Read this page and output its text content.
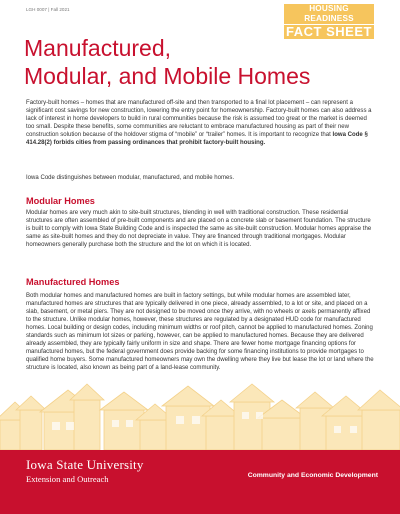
LGH 0007 | Fall 2021	HOUSING READINESS
FACT SHEET
Manufactured,
Modular, and Mobile Homes

Factory-built homes – homes that are manufactured off-site and then transported to a final lot placement – can represent a significant cost savings for new construction, lowering the entry point for homeownership. Factory-built homes can also address a lack of interest in home developers to build in rural communities because the risk is assumed too great or the market is deemed too small. Despite these benefits, some communities are reluctant to embrace manufactured housing as part of their new construction solution because of the holdover stigma of “mobile” or “trailer” homes. It is important to recognize that Iowa Code § 414.28(2) forbids cities from passing ordinances that prohibit factory-built housing.

Iowa Code distinguishes between modular, manufactured, and mobile homes.

Modular Homes

Modular homes are very much akin to site-built structures, blending in well with traditional construction. These residential structures are often assembled of pre-built components and are placed on a concrete slab or basement foundation. The structure is built to comply with Iowa State Building Code and is inspected the same as site-built construction. Modular homes appraise the same as site-built homes and they do not depreciate in value. They are financed through traditional mortgages. Modular homeowners generally purchase both the structure and the lot on which it is located.

Manufactured Homes

Both modular homes and manufactured homes are built in factory settings, but while modular homes are assembled later, manufactured homes are structures that are typically delivered in one piece, already assembled, to a lot or site, and placed on a slab, basement, or metal piers. They are not designed to be moved once they arrive, with no wheels or axels permanently affixed to the structure. Unlike modular homes, however, these structures are regulated by a designated HUD code for manufactured homes. Local building or design codes, including minimum widths or roof pitch, cannot be applied to manufactured homes. Zoning standards such as minimum lot sizes or parking, however, can be applied to manufactured homes. Because they are delivered already assembled, they are typically fairly uniform in size and shape. There are fewer home mortgage financing options for manufactured homes, but the federal government does provide backing for some financing institutions to provide mortgages to qualified home buyers. Some manufactured homeowners may own the dwelling where they live but lease the lot or land where the structure is located, also known as being part of a land-lease community.

Iowa State University
Extension and Outreach	Community and Economic Development
